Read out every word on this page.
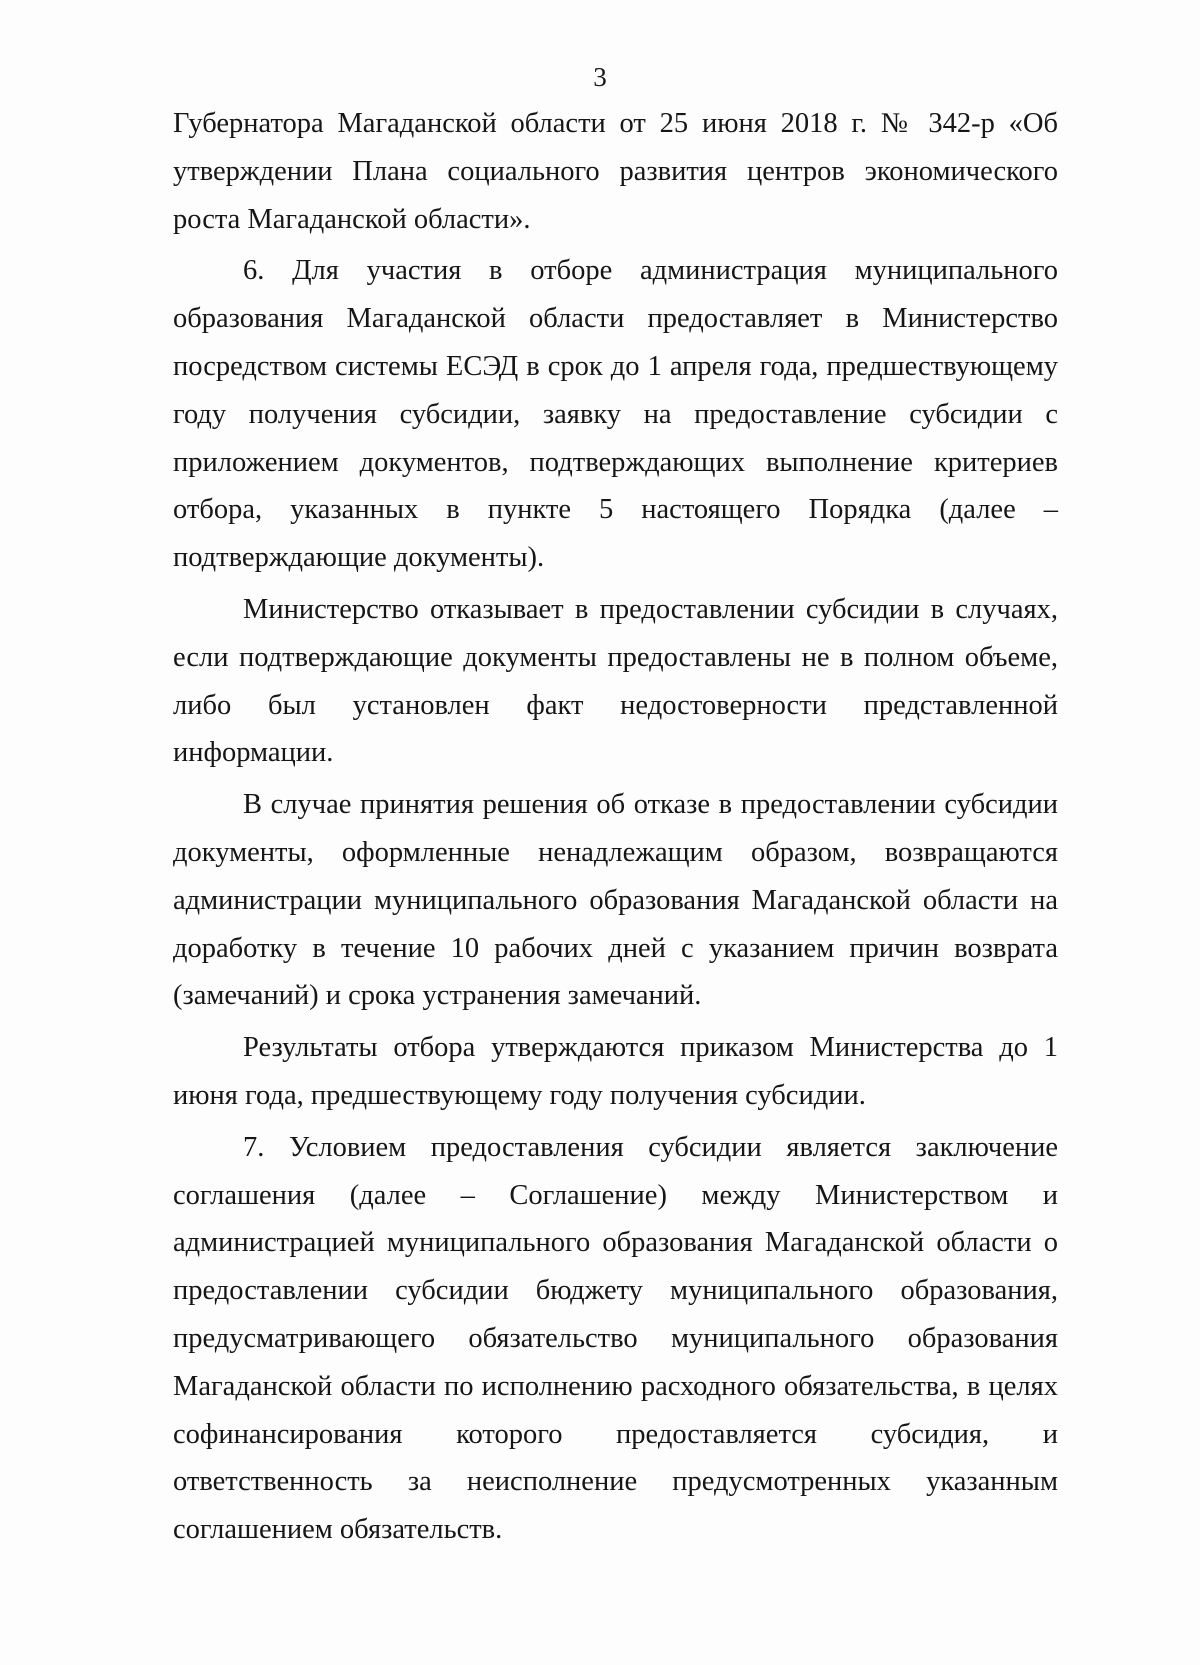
3

Губернатора Магаданской области от 25 июня 2018 г. № 342-р «Об утверждении Плана социального развития центров экономического роста Магаданской области».

6. Для участия в отборе администрация муниципального образования Магаданской области предоставляет в Министерство посредством системы ЕСЭД в срок до 1 апреля года, предшествующему году получения субсидии, заявку на предоставление субсидии с приложением документов, подтверждающих выполнение критериев отбора, указанных в пункте 5 настоящего Порядка (далее – подтверждающие документы).

Министерство отказывает в предоставлении субсидии в случаях, если подтверждающие документы предоставлены не в полном объеме, либо был установлен факт недостоверности представленной информации.

В случае принятия решения об отказе в предоставлении субсидии документы, оформленные ненадлежащим образом, возвращаются администрации муниципального образования Магаданской области на доработку в течение 10 рабочих дней с указанием причин возврата (замечаний) и срока устранения замечаний.

Результаты отбора утверждаются приказом Министерства до 1 июня года, предшествующему году получения субсидии.

7. Условием предоставления субсидии является заключение соглашения (далее – Соглашение) между Министерством и администрацией муниципального образования Магаданской области о предоставлении субсидии бюджету муниципального образования, предусматривающего обязательство муниципального образования Магаданской области по исполнению расходного обязательства, в целях софинансирования которого предоставляется субсидия, и ответственность за неисполнение предусмотренных указанным соглашением обязательств.
